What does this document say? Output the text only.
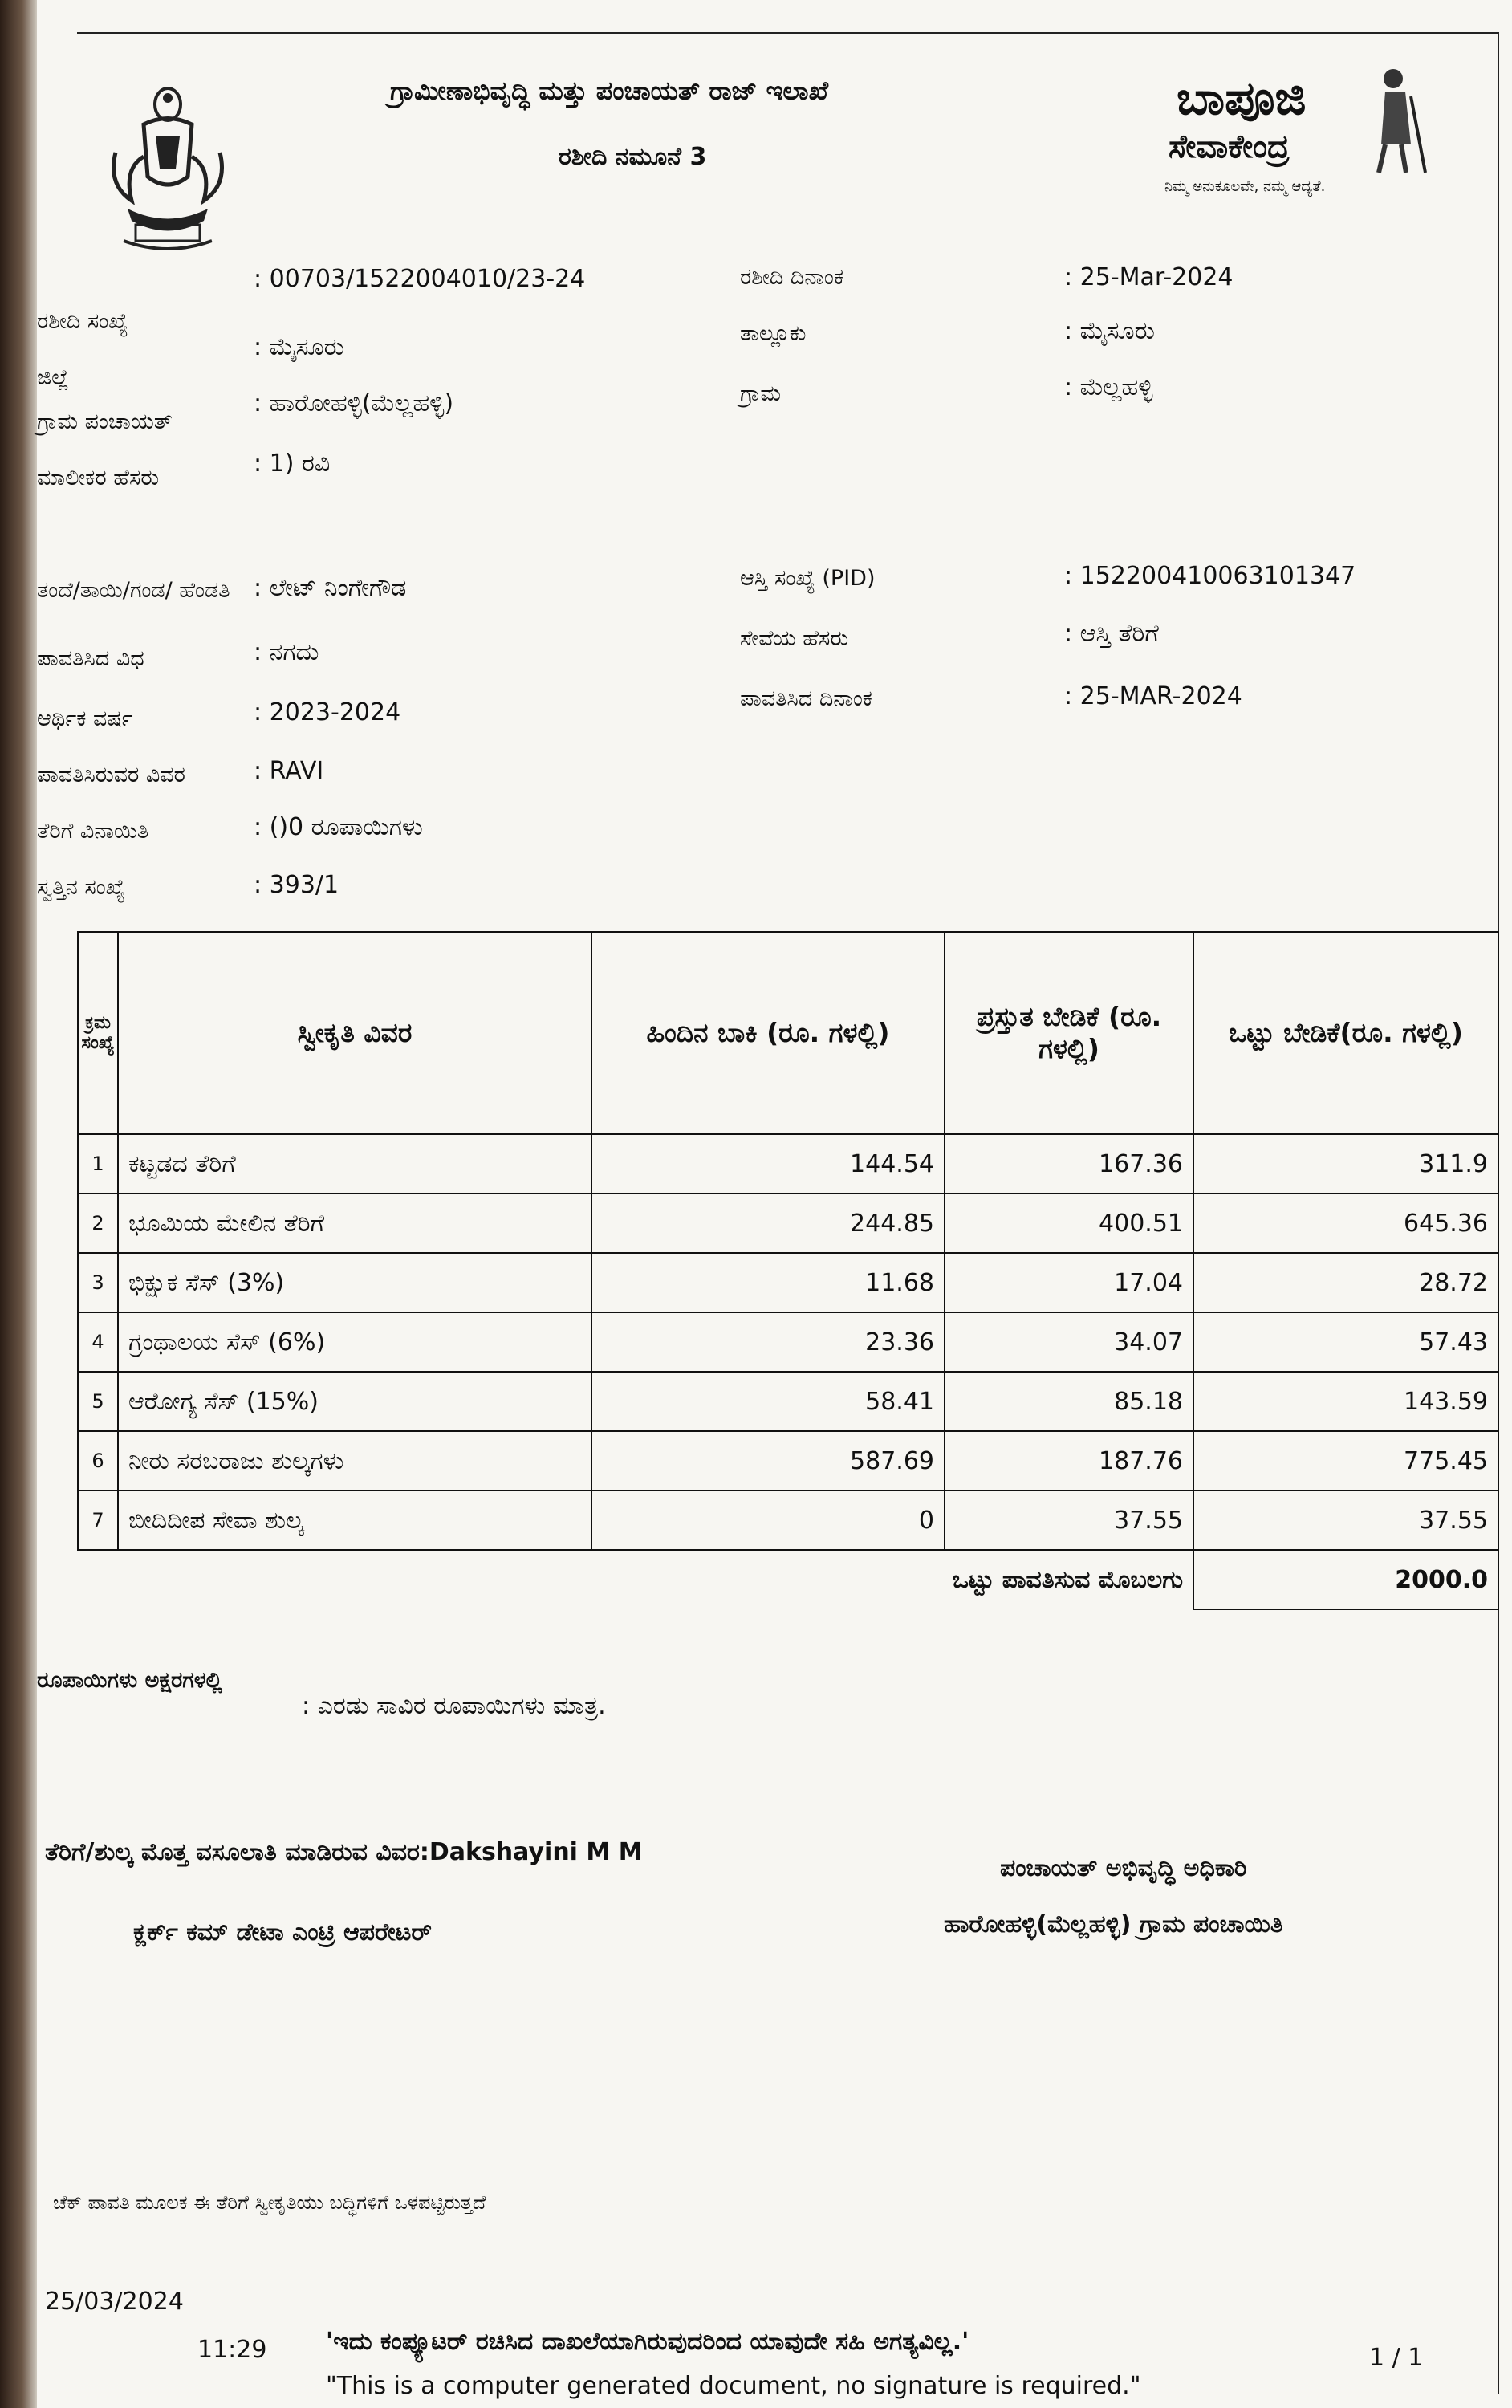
ಗ್ರಾಮೀಣಾಭಿವೃದ್ಧಿ ಮತ್ತು ಪಂಚಾಯತ್ ರಾಜ್ ಇಲಾಖೆ
ರಶೀದಿ ನಮೂನೆ 3
ಬಾಪೂಜಿ
ಸೇವಾಕೇಂದ್ರ
ನಿಮ್ಮ ಅನುಕೂಲವೇ, ನಮ್ಮ ಆದ್ಯತೆ.
ರಶೀದಿ ಸಂಖ್ಯೆ
: 00703/1522004010/23-24
ಜಿಲ್ಲೆ
: ಮೈಸೂರು
ಗ್ರಾಮ ಪಂಚಾಯತ್
: ಹಾರೋಹಳ್ಳಿ(ಮೆಲ್ಲಹಳ್ಳಿ)
ಮಾಲೀಕರ ಹೆಸರು
: 1) ರವಿ
ತಂದೆ/ತಾಯಿ/ಗಂಡ/ ಹೆಂಡತಿ : ಲೇಟ್ ನಿಂಗೇಗೌಡ
ಪಾವತಿಸಿದ ವಿಧ	: ನಗದು
ಆರ್ಥಿಕ ವರ್ಷ	: 2023-2024
ಪಾವತಿಸಿರುವರ ವಿವರ	: RAVI
ತೆರಿಗೆ ವಿನಾಯಿತಿ	: ()0 ರೂಪಾಯಿಗಳು
ಸ್ವತ್ತಿನ ಸಂಖ್ಯೆ	: 393/1
ರಶೀದಿ ದಿನಾಂಕ	: 25-Mar-2024
ತಾಲ್ಲೂಕು	: ಮೈಸೂರು
ಗ್ರಾಮ	: ಮೆಲ್ಲಹಳ್ಳಿ
ಆಸ್ತಿ ಸಂಖ್ಯೆ (PID)	: 152200410063101347
ಸೇವೆಯ ಹೆಸರು	: ಆಸ್ತಿ ತೆರಿಗೆ
ಪಾವತಿಸಿದ ದಿನಾಂಕ	: 25-MAR-2024
ಕ್ರಮ ಸಂಖ್ಯೆ	ಸ್ವೀಕೃತಿ ವಿವರ	ಹಿಂದಿನ ಬಾಕಿ (ರೂ. ಗಳಲ್ಲಿ)	ಪ್ರಸ್ತುತ ಬೇಡಿಕೆ (ರೂ. ಗಳಲ್ಲಿ)	ಒಟ್ಟು ಬೇಡಿಕೆ(ರೂ. ಗಳಲ್ಲಿ)
1	ಕಟ್ಟಡದ ತೆರಿಗೆ	144.54	167.36	311.9
2	ಭೂಮಿಯ ಮೇಲಿನ ತೆರಿಗೆ	244.85	400.51	645.36
3	ಭಿಕ್ಷುಕ ಸೆಸ್ (3%)	11.68	17.04	28.72
4	ಗ್ರಂಥಾಲಯ ಸೆಸ್ (6%)	23.36	34.07	57.43
5	ಆರೋಗ್ಯ ಸೆಸ್ (15%)	58.41	85.18	143.59
6	ನೀರು ಸರಬರಾಜು ಶುಲ್ಕಗಳು	587.69	187.76	775.45
7	ಬೀದಿದೀಪ ಸೇವಾ ಶುಲ್ಕ	0	37.55	37.55
ಒಟ್ಟು ಪಾವತಿಸುವ ಮೊಬಲಗು				2000.0
ರೂಪಾಯಿಗಳು ಅಕ್ಷರಗಳಲ್ಲಿ
: ಎರಡು ಸಾವಿರ ರೂಪಾಯಿಗಳು ಮಾತ್ರ.
ತೆರಿಗೆ/ಶುಲ್ಕ ಮೊತ್ತ ವಸೂಲಾತಿ ಮಾಡಿರುವ ವಿವರ:Dakshayini M M
ಕ್ಲರ್ಕ್ ಕಮ್ ಡೇಟಾ ಎಂಟ್ರಿ ಆಪರೇಟರ್
ಪಂಚಾಯತ್ ಅಭಿವೃದ್ಧಿ ಅಧಿಕಾರಿ
ಹಾರೋಹಳ್ಳಿ(ಮೆಲ್ಲಹಳ್ಳಿ) ಗ್ರಾಮ ಪಂಚಾಯಿತಿ
ಚೆಕ್ ಪಾವತಿ ಮೂಲಕ ಈ ತೆರಿಗೆ ಸ್ವೀಕೃತಿಯು ಬದ್ಧಿಗಳಿಗೆ ಒಳಪಟ್ಟಿರುತ್ತದೆ
25/03/2024
11:29 'ಇದು ಕಂಪ್ಯೂಟರ್ ರಚಿಸಿದ ದಾಖಲೆಯಾಗಿರುವುದರಿಂದ ಯಾವುದೇ ಸಹಿ ಅಗತ್ಯವಿಲ್ಲ.'
"This is a computer generated document, no signature is required."
1 / 1
